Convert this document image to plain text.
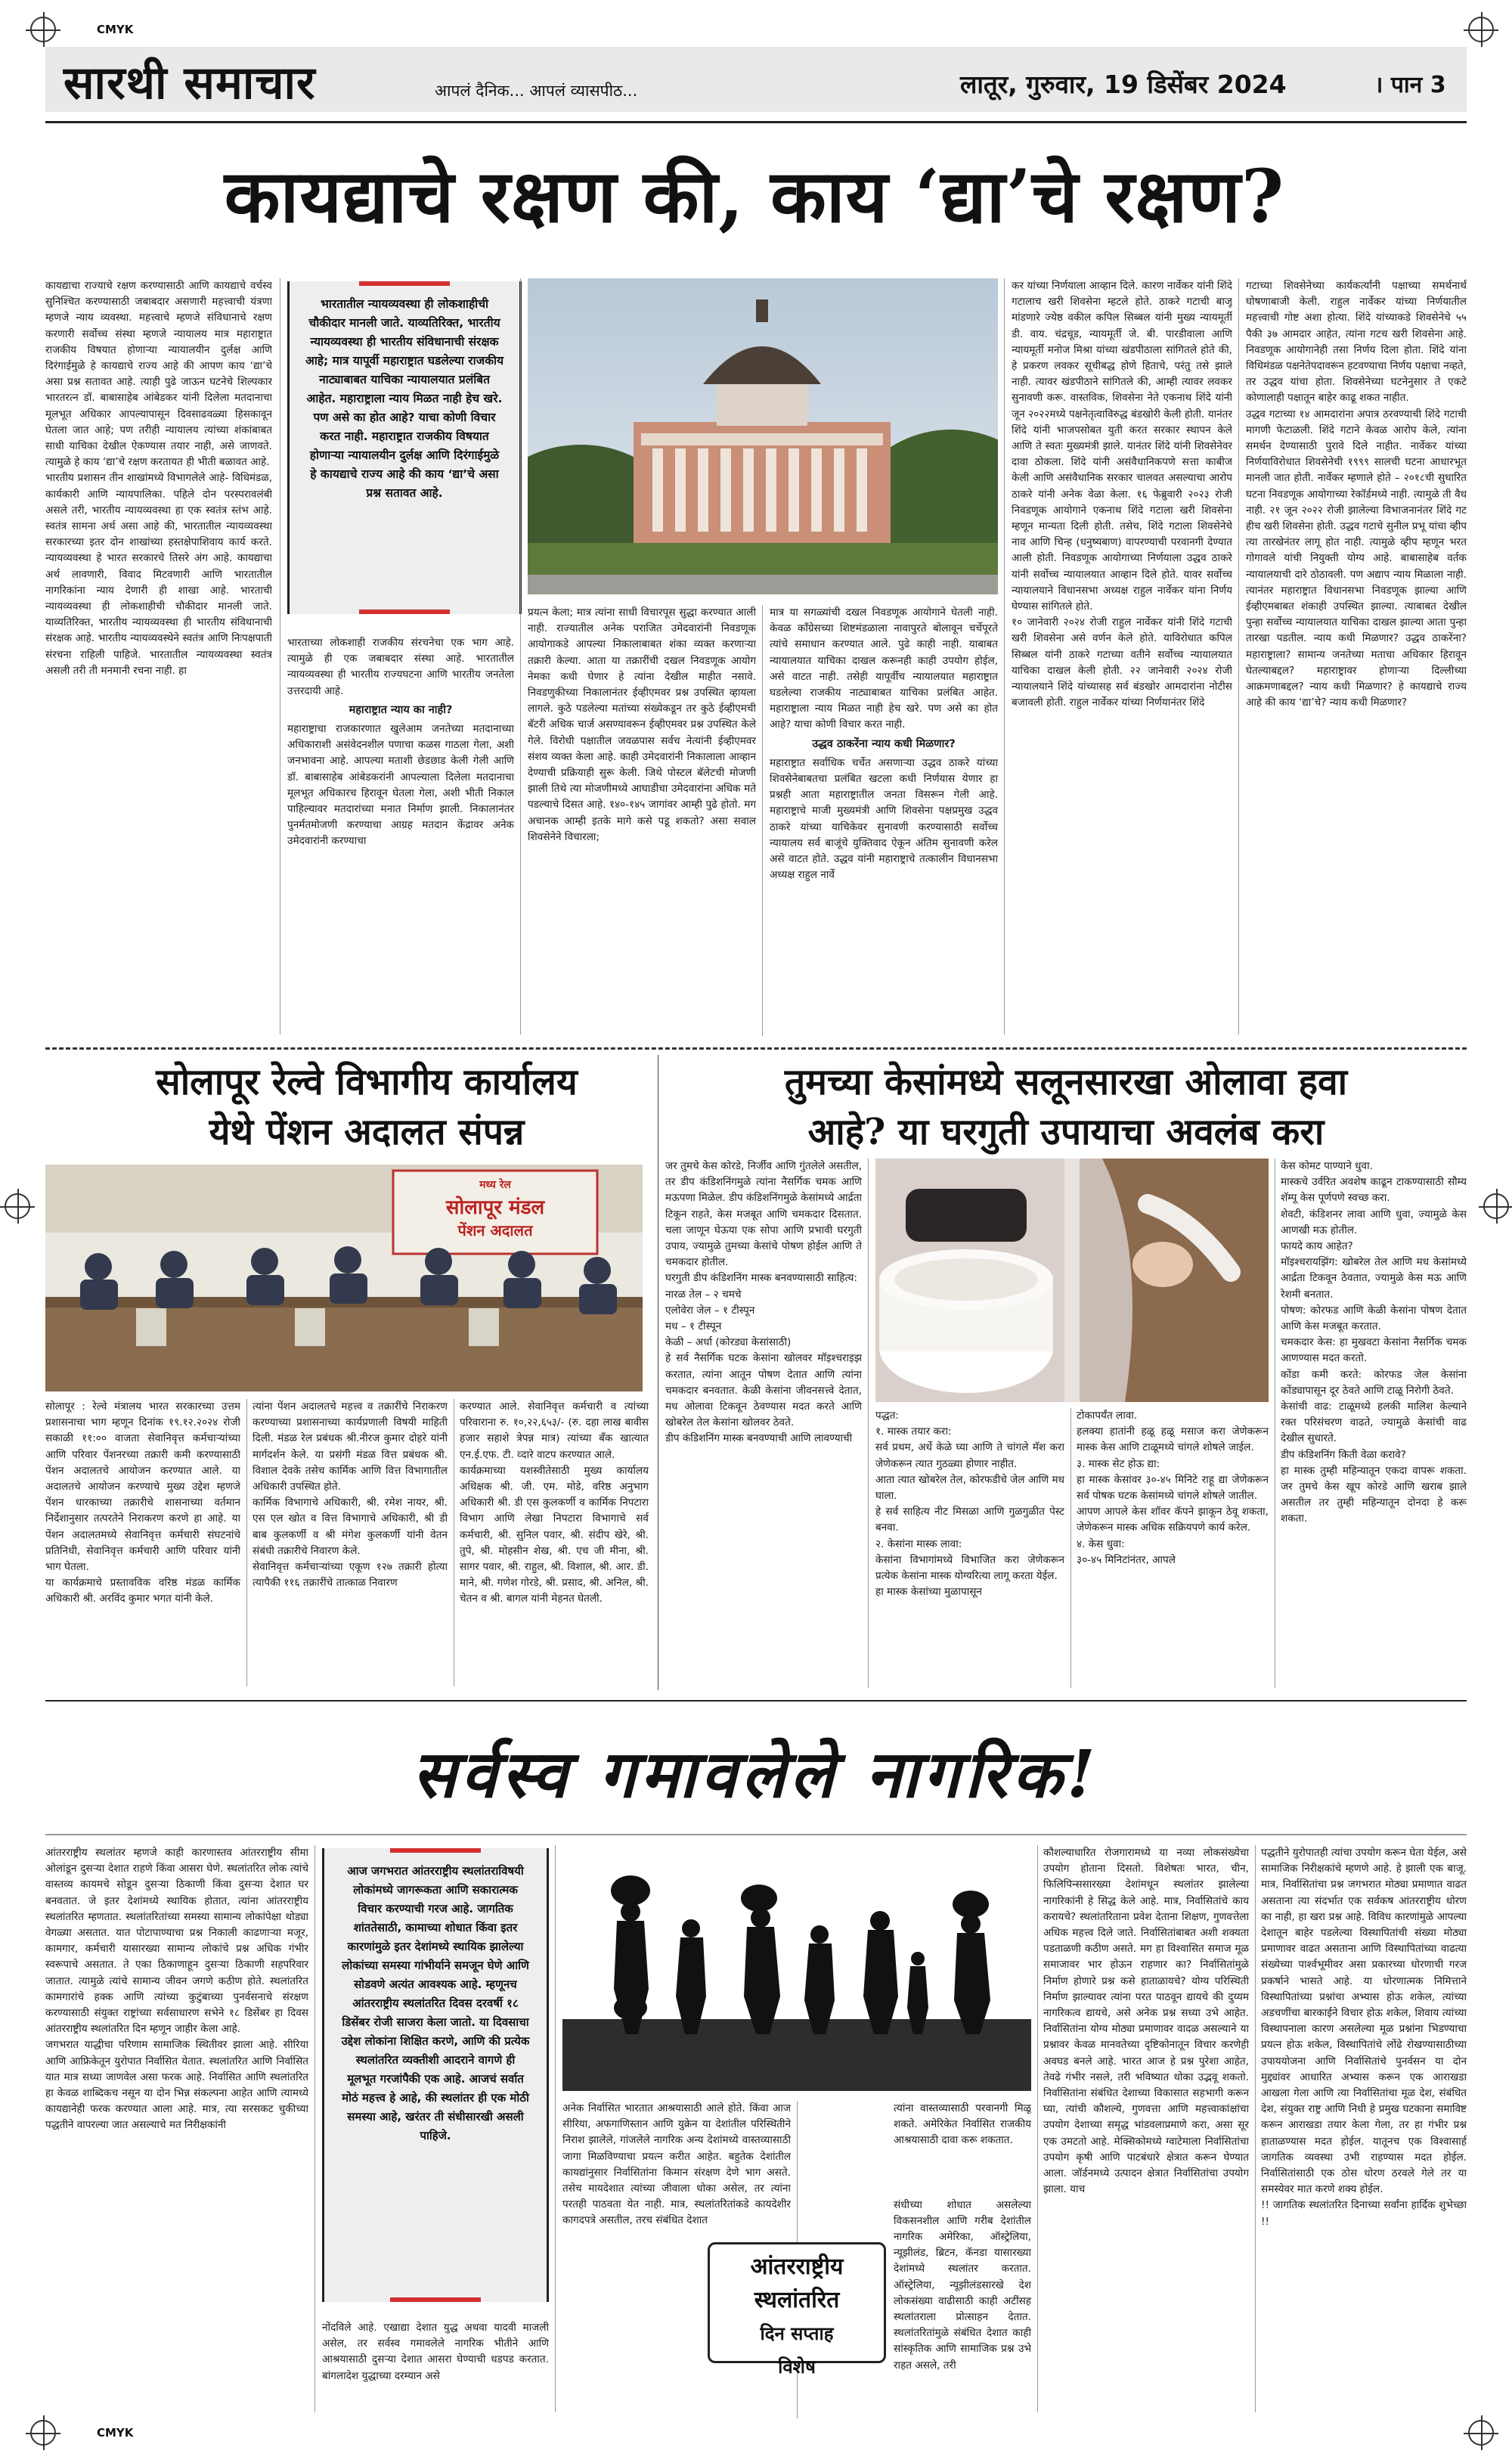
CMYK
CMYK
सारथी समाचार	आपलं दैनिक... आपलं व्यासपीठ...	लातूर, गुरुवार, 19 डिसेंबर 2024	। पान 3
कायद्याचे रक्षण की, काय ‘द्या’चे रक्षण?
कायद्याचा राज्याचे रक्षण करण्यासाठी आणि कायद्याचे वर्चस्व सुनिश्चित करण्यासाठी जबाबदार असणारी महत्त्वाची यंत्रणा म्हणजे न्याय व्यवस्था. महत्त्वाचे म्हणजे संविधानाचे रक्षण करणारी सर्वोच्च संस्था म्हणजे न्यायालय मात्र महाराष्ट्रात राजकीय विषयात होणाऱ्या न्यायालयीन दुर्लक्ष आणि दिरंगाईमुळे हे कायद्याचे राज्य आहे की आपण काय ‘द्या’चे असा प्रश्न सतावत आहे. त्याही पुढे जाऊन घटनेचे शिल्पकार भारतरत्न डॉ. बाबासाहेब आंबेडकर यांनी दिलेला मतदानाचा मूलभूत अधिकार आपल्यापासून दिवसाढवळ्या हिसकावून घेतला जात आहे; पण तरीही न्यायालय त्यांच्या शंकांबाबत साधी याचिका देखील ऐकण्यास तयार नाही, असे जाणवते. त्यामुळे हे काय ‘द्या’चे रक्षण करतायत ही भीती बळावत आहे.
भारतीय प्रशासन तीन शाखांमध्ये विभागलेले आहे- विधिमंडळ, कार्यकारी आणि न्यायपालिका. पहिले दोन परस्परावलंबी असले तरी, भारतीय न्यायव्यवस्था हा एक स्वतंत्र स्तंभ आहे. स्वतंत्र सामना अर्थ असा आहे की, भारतातील न्यायव्यवस्था सरकारच्या इतर दोन शाखांच्या हस्तक्षेपाशिवाय कार्य करते. न्यायव्यवस्था हे भारत सरकारचे तिसरे अंग आहे. कायद्याचा अर्थ लावणारी, विवाद मिटवणारी आणि भारतातील नागरिकांना न्याय देणारी ही शाखा आहे. भारताची न्यायव्यवस्था ही लोकशाहीची चौकीदार मानली जाते. याव्यतिरिक्त, भारतीय न्यायव्यवस्था ही भारतीय संविधानाची संरक्षक आहे. भारतीय न्यायव्यवस्थेने स्वतंत्र आणि निःपक्षपाती संरचना राहिली पाहिजे. भारतातील न्यायव्यवस्था स्वतंत्र असली तरी ती मनमानी रचना नाही. हा
भारतातील न्यायव्यवस्था ही लोकशाहीची चौकीदार मानली जाते. याव्यतिरिक्त, भारतीय न्यायव्यवस्था ही भारतीय संविधानाची संरक्षक आहे; मात्र यापूर्वी महाराष्ट्रात घडलेल्या राजकीय नाट्याबाबत याचिका न्यायालयात प्रलंबित आहेत. महाराष्ट्राला न्याय मिळत नाही हेच खरे. पण असे का होत आहे? याचा कोणी विचार करत नाही. महाराष्ट्रात राजकीय विषयात होणाऱ्या न्यायालयीन दुर्लक्ष आणि दिरंगाईमुळे हे कायद्याचे राज्य आहे की काय ‘द्या’चे असा प्रश्न सतावत आहे.

भारताच्या लोकशाही राजकीय संरचनेचा एक भाग आहे. त्यामुळे ही एक जबाबदार संस्था आहे. भारतातील न्यायव्यवस्था ही भारतीय राज्यघटना आणि भारतीय जनतेला उत्तरदायी आहे.

महाराष्ट्रात न्याय का नाही?

महाराष्ट्राचा राजकारणात खुलेआम जनतेच्या मतदानाच्या अधिकाराशी असंवेदनशील पणाचा कळस गाठला गेला, अशी जनभावना आहे. आपल्या मताशी छेडछाड केली गेली आणि डॉ. बाबासाहेब आंबेडकरांनी आपल्याला दिलेला मतदानाचा मूलभूत अधिकारच हिरावून घेतला गेला, अशी भीती निकाल पाहिल्यावर मतदारांच्या मनात निर्माण झाली. निकालानंतर पुनर्मतमोजणी करण्याचा आग्रह मतदान केंद्रावर अनेक उमेदवारांनी करण्याचा

प्रयत्न केला; मात्र त्यांना साधी विचारपूस सुद्धा करण्यात आली नाही. राज्यातील अनेक पराजित उमेदवारांनी निवडणूक आयोगाकडे आपल्या निकालाबाबत शंका व्यक्त करणाऱ्या तक्रारी केल्या. आता या तक्रारींची दखल निवडणूक आयोग नेमका कधी घेणार हे त्यांना देखील माहीत नसावे. निवडणुकीच्या निकालानंतर ईव्हीएमवर प्रश्न उपस्थित व्हायला लागले. कुठे पडलेल्या मतांच्या संख्येकडून तर कुठे ईव्हीएमची बॅटरी अधिक चार्ज असण्यावरून ईव्हीएमवर प्रश्न उपस्थित केले गेले. विरोधी पक्षातील जवळपास सर्वच नेत्यांनी ईव्हीएमवर संशय व्यक्त केला आहे. काही उमेदवारांनी निकालाला आव्हान देण्याची प्रक्रियाही सुरू केली. जिथे पोस्टल बॅलेटची मोजणी झाली तिथे त्या मोजणीमध्ये आघाडीचा उमेदवारांना अधिक मते पडल्याचे दिसत आहे. १४०-१४५ जागांवर आम्ही पुढे होतो. मग अचानक आम्ही इतके मागे कसे पडू शकतो? असा सवाल शिवसेनेने विचारला;

मात्र या सगळ्यांची दखल निवडणूक आयोगाने घेतली नाही. केवळ काँग्रेसच्या शिष्टमंडळाला नावापुरते बोलावून चर्चेपूरते त्यांचे समाधान करण्यात आले. पुढे काही नाही. याबाबत न्यायालयात याचिका दाखल करूनही काही उपयोग होईल, असे वाटत नाही. तसेही यापूर्वीच न्यायालयात महाराष्ट्रात घडलेल्या राजकीय नाट्याबाबत याचिका प्रलंबित आहेत. महाराष्ट्राला न्याय मिळत नाही हेच खरे. पण असे का होत आहे? याचा कोणी विचार करत नाही.

उद्धव ठाकरेंना न्याय कधी मिळणार?

महाराष्ट्रात सर्वाधिक चर्चेत असणाऱ्या उद्धव ठाकरे यांच्या शिवसेनेबाबतचा प्रलंबित खटला कधी निर्णयास येणार हा प्रश्नही आता महाराष्ट्रातील जनता विसरून गेली आहे. महाराष्ट्राचे माजी मुख्यमंत्री आणि शिवसेना पक्षप्रमुख उद्धव ठाकरे यांच्या याचिकेवर सुनावणी करण्यासाठी सर्वोच्च न्यायालय सर्व बाजूंचे युक्तिवाद ऐकून अंतिम सुनावणी करेल असे वाटत होते. उद्धव यांनी महाराष्ट्राचे तत्कालीन विधानसभा अध्यक्ष राहुल नार्वे

कर यांच्या निर्णयाला आव्हान दिले. कारण नार्वेकर यांनी शिंदे गटालाच खरी शिवसेना म्हटले होते. ठाकरे गटाची बाजू मांडणारे ज्येष्ठ वकील कपिल सिब्बल यांनी मुख्य न्यायमूर्ती डी. वाय. चंद्रचूड, न्यायमूर्ती जे. बी. पारडीवाला आणि न्यायमूर्ती मनोज मिश्रा यांच्या खंडपीठाला सांगितले होते की, हे प्रकरण लवकर सूचीबद्ध होणे हिताचे, परंतु तसे झाले नाही. त्यावर खंडपीठाने सांगितले की, आम्ही त्यावर लवकर सुनावणी करू. वास्तविक, शिवसेना नेते एकनाथ शिंदे यांनी जून २०२२मध्ये पक्षनेतृत्वाविरुद्ध बंडखोरी केली होती. यानंतर शिंदे यांनी भाजपसोबत युती करत सरकार स्थापन केले आणि ते स्वतः मुख्यमंत्री झाले. यानंतर शिंदे यांनी शिवसेनेवर दावा ठोकला. शिंदे यांनी असंवैधानिकपणे सत्ता काबीज केली आणि असंवैधानिक सरकार चालवत असल्याचा आरोप ठाकरे यांनी अनेक वेळा केला. १६ फेब्रुवारी २०२३ रोजी निवडणूक आयोगाने एकनाथ शिंदे गटाला खरी शिवसेना म्हणून मान्यता दिली होती. तसेच, शिंदे गटाला शिवसेनेचे नाव आणि चिन्ह (धनुष्यबाण) वापरण्याची परवानगी देण्यात आली होती. निवडणूक आयोगाच्या निर्णयाला उद्धव ठाकरे यांनी सर्वोच्च न्यायालयात आव्हान दिले होते. यावर सर्वोच्च न्यायालयाने विधानसभा अध्यक्ष राहुल नार्वेकर यांना निर्णय घेण्यास सांगितले होते.
१० जानेवारी २०२४ रोजी राहुल नार्वेकर यांनी शिंदे गटाची खरी शिवसेना असे वर्णन केले होते. याविरोधात कपिल सिब्बल यांनी ठाकरे गटाच्या वतीने सर्वोच्च न्यायालयात याचिका दाखल केली होती. २२ जानेवारी २०२४ रोजी न्यायालयाने शिंदे यांच्यासह सर्व बंडखोर आमदारांना नोटीस बजावली होती. राहुल नार्वेकर यांच्या निर्णयानंतर शिंदे
गटाच्या शिवसेनेच्या कार्यकर्त्यांनी पक्षाच्या समर्थनार्थ घोषणाबाजी केली. राहुल नार्वेकर यांच्या निर्णयातील महत्त्वाची गोष्ट अशा होत्या. शिंदे यांच्याकडे शिवसेनेचे ५५ पैकी ३७ आमदार आहेत, त्यांना गटच खरी शिवसेना आहे. निवडणूक आयोगानेही तसा निर्णय दिला होता. शिंदे यांना विधिमंडळ पक्षनेतेपदावरून हटवण्याचा निर्णय पक्षाचा नव्हते, तर उद्धव यांचा होता. शिवसेनेच्या घटनेनुसार ते एकटे कोणालाही पक्षातून बाहेर काढू शकत नाहीत.
उद्धव गटाच्या १४ आमदारांना अपात्र ठरवण्याची शिंदे गटाची मागणी फेटाळली. शिंदे गटाने केवळ आरोप केले, त्यांना समर्थन देण्यासाठी पुरावे दिले नाहीत. नार्वेकर यांच्या निर्णयाविरोधात शिवसेनेची १९९९ सालची घटना आधारभूत मानली जात होती. नार्वेकर म्हणाले होते – २०१८ची सुधारित घटना निवडणूक आयोगाच्या रेकॉर्डमध्ये नाही. त्यामुळे ती वैध नाही. २१ जून २०२२ रोजी झालेल्या विभाजनानंतर शिंदे गट हीच खरी शिवसेना होती. उद्धव गटाचे सुनील प्रभू यांचा व्हीप त्या तारखेनंतर लागू होत नाही. त्यामुळे व्हीप म्हणून भरत गोगावले यांची नियुक्ती योग्य आहे. बाबासाहेब वर्तक न्यायालयाची दारे ठोठावली. पण अद्याप न्याय मिळाला नाही. त्यानंतर महाराष्ट्रात विधानसभा निवडणूक झाल्या आणि ईव्हीएमबाबत शंकाही उपस्थित झाल्या. त्याबाबत देखील पुन्हा सर्वोच्च न्यायालयात याचिका दाखल झाल्या आता पुन्हा तारखा पडतील. न्याय कधी मिळणार? उद्धव ठाकरेंना? महाराष्ट्राला? सामान्य जनतेच्या मताचा अधिकार हिरावून घेतल्याबद्दल? महाराष्ट्रावर होणाऱ्या दिल्लीच्या आक्रमणाबद्दल? न्याय कधी मिळणार? हे कायद्याचे राज्य आहे की काय ‘द्या’चे? न्याय कधी मिळणार?
सोलापूर रेल्वे विभागीय कार्यालय
येथे पेंशन अदालत संपन्न
मध्य रेल
सोलापूर मंडल
पेंशन अदालत
सोलापूर : रेल्वे मंत्रालय भारत सरकारच्या उत्तम प्रशासनाचा भाग म्हणून दिनांक १९.१२.२०२४ रोजी सकाळी ११:०० वाजता सेवानिवृत्त कर्मचाऱ्यांच्या आणि परिवार पेंशनरच्या तक्रारी कमी करण्यासाठी पेंशन अदालतचे आयोजन करण्यात आले. या अदालतचे आयोजन करण्याचे मुख्य उद्देश म्हणजे पेंशन धारकाच्या तक्रारीचे शासनाच्या वर्तमान निर्देशानुसार तत्परतेने निराकरण करणे हा आहे. या पेंशन अदालतमध्ये सेवानिवृत्त कर्मचारी संघटनांचे प्रतिनिधी, सेवानिवृत्त कर्मचारी आणि परिवार यांनी भाग घेतला.
या कार्यक्रमाचे प्रस्तावविक वरिष्ठ मंडळ कार्मिक अधिकारी श्री. अरविंद कुमार भगत यांनी केले.
त्यांना पेंशन अदालतचे महत्त्व व तक्रारींचे निराकरण करण्याच्या प्रशासनाच्या कार्यप्रणाली विषयी माहिती दिली. मंडळ रेल प्रबंधक श्री.नीरज कुमार दोहरे यांनी मार्गदर्शन केले. या प्रसंगी मंडळ वित्त प्रबंधक श्री. विशाल देवके तसेच कार्मिक आणि वित्त विभागातील अधिकारी उपस्थित होते.
कार्मिक विभागाचे अधिकारी, श्री. रमेश नायर, श्री. एस एल खोत व वित्त विभागाचे अधिकारी, श्री डी बाब कुलकर्णी व श्री मंगेश कुलकर्णी यांनी वेतन संबंधी तक्रारीचे निवारण केले.
सेवानिवृत्त कर्मचाऱ्यांच्या एकूण १२७ तक्रारी होत्या त्यापैकी ११६ तक्रारींचे तात्काळ निवारण
करण्यात आले. सेवानिवृत्त कर्मचारी व त्यांच्या परिवाराना रु. १०,२२,६५३/- (रु. दहा लाख बावीस हजार सहाशे त्रेपन्न मात्र) त्यांच्या बँक खात्यात एन.ई.एफ. टी. व्दारे वाटप करण्यात आले.
कार्यक्रमाच्या यशस्वीतेसाठी मुख्य कार्यालय अधिक्षक श्री. जी. एम. मोडे, वरिष्ठ अनुभाग अधिकारी श्री. डी एस कुलकर्णी व कार्मिक निपटारा विभाग आणि लेखा निपटारा विभागाचे सर्व कर्मचारी, श्री. सुनिल पवार, श्री. संदीप खेरे, श्री. तुपे, श्री. मोहसीन शेख, श्री. एच जी मीना, श्री. सागर पवार, श्री. राहुल, श्री. विशाल, श्री. आर. डी. माने, श्री. गणेश गोरडे, श्री. प्रसाद, श्री. अनिल, श्री. चेतन व श्री. बागल यांनी मेहनत घेतली.
तुमच्या केसांमध्ये सलूनसारखा ओलावा हवा
आहे? या घरगुती उपायाचा अवलंब करा
जर तुमचे केस कोरडे, निर्जीव आणि गुंतलेले असतील, तर डीप कंडिशनिंगमुळे त्यांना नैसर्गिक चमक आणि मऊपणा मिळेल. डीप कंडिशनिंगमुळे केसांमध्ये आर्द्रता टिकून राहते, केस मजबूत आणि चमकदार दिसतात. चला जाणून घेऊया एक सोपा आणि प्रभावी घरगुती उपाय, ज्यामुळे तुमच्या केसांचे पोषण होईल आणि ते चमकदार होतील.
घरगुती डीप कंडिशनिंग मास्क बनवण्यासाठी साहित्य:
नारळ तेल – २ चमचे
एलोवेरा जेल – १ टीस्पून
मध – १ टीस्पून
केळी – अर्धा (कोरड्या केसांसाठी)
हे सर्व नैसर्गिक घटक केसांना खोलवर मॉइश्चराइझ करतात, त्यांना आतून पोषण देतात आणि त्यांना चमकदार बनवतात. केळी केसांना जीवनसत्त्वे देतात, मध ओलावा टिकवून ठेवण्यास मदत करते आणि खोबरेल तेल केसांना खोलवर ठेवते.
डीप कंडिशनिंग मास्क बनवण्याची आणि लावण्याची
पद्धत:
१. मास्क तयार करा:
सर्व प्रथम, अर्धे केळे घ्या आणि ते चांगले मॅश करा जेणेकरून त्यात गुठळ्या होणार नाहीत.
आता त्यात खोबरेल तेल, कोरफडीचे जेल आणि मध घाला.
हे सर्व साहित्य नीट मिसळा आणि गुळगुळीत पेस्ट बनवा.
२. केसांना मास्क लावा:
केसांना विभागांमध्ये विभाजित करा जेणेकरून प्रत्येक केसांना मास्क योग्यरित्या लागू करता येईल.
हा मास्क केसांच्या मुळापासून
टोकापर्यंत लावा.
हलक्या हातांनी हळू हळू मसाज करा जेणेकरून मास्क केस आणि टाळूमध्ये चांगले शोषले जाईल.
३. मास्क सेट होऊ द्या:
हा मास्क केसांवर ३०-४५ मिनिटे राहू द्या जेणेकरून सर्व पोषक घटक केसांमध्ये चांगले शोषले जातील.
आपण आपले केस शॉवर कॅपने झाकून ठेवू शकता, जेणेकरून मास्क अधिक सक्रियपणे कार्य करेल.
४. केस धुवा:
३०-४५ मिनिटांनंतर, आपले
केस कोमट पाण्याने धुवा.
मास्कचे उर्वरित अवशेष काढून टाकण्यासाठी सौम्य शॅम्पू केस पूर्णपणे स्वच्छ करा.
शेवटी, कंडिशनर लावा आणि धुवा, ज्यामुळे केस आणखी मऊ होतील.
फायदे काय आहेत?
मॉइश्चरायझिंग: खोबरेल तेल आणि मध केसांमध्ये आर्द्रता टिकवून ठेवतात, ज्यामुळे केस मऊ आणि रेशमी बनतात.
पोषण: कोरफड आणि केळी केसांना पोषण देतात आणि केस मजबूत करतात.
चमकदार केस: हा मुखवटा केसांना नैसर्गिक चमक आणण्यास मदत करतो.
कोंडा कमी करते: कोरफड जेल केसांना कोंड्यापासून दूर ठेवते आणि टाळू निरोगी ठेवते.
केसांची वाढ: टाळूमध्ये हलकी मालिश केल्याने रक्त परिसंचरण वाढते, ज्यामुळे केसांची वाढ देखील सुधारते.
डीप कंडिशनिंग किती वेळा करावे?
हा मास्क तुम्ही महिन्यातून एकदा वापरू शकता. जर तुमचे केस खूप कोरडे आणि खराब झाले असतील तर तुम्ही महिन्यातून दोनदा हे करू शकता.
सर्वस्व गमावलेले नागरिक!
आंतरराष्ट्रीय स्थलांतर म्हणजे काही कारणास्तव आंतरराष्ट्रीय सीमा ओलांडून दुसऱ्या देशात राहणे किंवा आसरा घेणे. स्थलांतरित लोक त्यांचे वास्तव्य कायमचे सोडून दुसऱ्या ठिकाणी किंवा दुसऱ्या देशात घर बनवतात. जे इतर देशांमध्ये स्थायिक होतात, त्यांना आंतरराष्ट्रीय स्थलांतरित म्हणतात. स्थलांतरितांच्या समस्या सामान्य लोकांपेक्षा थोड्या वेगळ्या असतात. यात पोटापाण्याचा प्रश्न निकाली काढणाऱ्या मजूर, कामगार, कर्मचारी यासारख्या सामान्य लोकांचे प्रश्न अधिक गंभीर स्वरूपाचे असतात. ते एका ठिकाणाहून दुसऱ्या ठिकाणी सहपरिवार जातात. त्यामुळे त्यांचे सामान्य जीवन जगणे कठीण होते. स्थलांतरित कामगारांचे हक्क आणि त्यांच्या कुटुंबाच्या पुनर्वसनाचे संरक्षण करण्यासाठी संयुक्त राष्ट्रांच्या सर्वसाधारण सभेने १८ डिसेंबर हा दिवस आंतरराष्ट्रीय स्थलांतरित दिन म्हणून जाहीर केला आहे.
जगभरात याद्धीचा परिणाम सामाजिक स्थितीवर झाला आहे. सीरिया आणि आफ्रिकेतून युरोपात निर्वासित येतात. स्थलांतरित आणि निर्वासित यात मात्र सध्या जाणवेल असा फरक आहे. निर्वासित आणि स्थलांतरित हा केवळ शाब्दिकच नसून या दोन भिन्न संकल्पना आहेत आणि त्यामध्ये कायद्यानेही फरक करण्यात आला आहे. मात्र, त्या सरसकट चुकीच्या पद्धतीने वापरल्या जात असल्याचे मत निरीक्षकांनी
आज जगभरात आंतरराष्ट्रीय स्थलांतराविषयी लोकांमध्ये जागरूकता आणि सकारात्मक विचार करण्याची गरज आहे. जागतिक शांततेसाठी, कामाच्या शोधात किंवा इतर कारणांमुळे इतर देशांमध्ये स्थायिक झालेल्या लोकांच्या समस्या गांभीर्याने समजून घेणे आणि सोडवणे अत्यंत आवश्यक आहे. म्हणूनच आंतरराष्ट्रीय स्थलांतरित दिवस दरवर्षी १८ डिसेंबर रोजी साजरा केला जातो. या दिवसाचा उद्देश लोकांना शिक्षित करणे, आणि की प्रत्येक स्थलांतरित व्यक्तीशी आदराने वागणे ही मूलभूत गरजांपैकी एक आहे. आजचं सर्वात मोठं महत्त्व हे आहे, की स्थलांतर ही एक मोठी समस्या आहे, खरंतर ती संधीसारखी असली पाहिजे.
नोंदविले आहे. एखाद्या देशात युद्ध अथवा यादवी माजली असेल, तर सर्वस्व गमावलेले नागरिक भीतीने आणि आश्रयासाठी दुसऱ्या देशात आसरा घेण्याची धडपड करतात. बांगलादेश युद्धाच्या दरम्यान असे
अनेक निर्वासित भारतात आश्रयासाठी आले होते. किंवा आज सीरिया, अफगाणिस्तान आणि युक्रेन या देशांतील परिस्थितीने निराश झालेले, गांजलेले नागरिक अन्य देशांमध्ये वास्तव्यासाठी जागा मिळविण्याचा प्रयत्न करीत आहेत. बहुतेक देशांतील कायद्यांनुसार निर्वासितांना किमान संरक्षण देणे भाग असते. तसेच मायदेशात त्यांच्या जीवाला धोका असेल, तर त्यांना परतही पाठवता येत नाही. मात्र, स्थलांतरितांकडे कायदेशीर कागदपत्रे असतील, तरच संबंधित देशात

त्यांना वास्तव्यासाठी परवानगी मिळू शकते. अमेरिकेत निर्वासित राजकीय आश्रयासाठी दावा करू शकतात.

संधीच्या शोधात असलेल्या विकसनशील आणि गरीब देशांतील नागरिक अमेरिका, ऑस्ट्रेलिया, न्यूझीलंड, ब्रिटन, कॅनडा यासारख्या देशांमध्ये स्थलांतर करतात. ऑस्ट्रेलिया, न्यूझीलंडसारखे देश लोकसंख्या वाढीसाठी काही अटींसह स्थलांतराला प्रोत्साहन देतात. स्थलांतरितांमुळे संबंधित देशात काही सांस्कृतिक आणि सामाजिक प्रश्न उभे राहत असले, तरी

आंतरराष्ट्रीय
स्थलांतरित
दिन सप्ताह
विशेष
कौशल्याधारित रोजगारामध्ये या नव्या लोकसंख्येचा उपयोग होताना दिसतो. विशेषतः भारत, चीन, फिलिपिन्ससारख्या देशांमधून स्थलांतर झालेल्या नागरिकांनी हे सिद्ध केले आहे. मात्र, निर्वासितांचे काय करायचे? स्थलांतरिताना प्रवेश देताना शिक्षण, गुणवत्तेला अधिक महत्त्व दिले जाते. निर्वासितांबाबत अशी शक्यता पडताळणी कठीण असते. मग हा विश्वासित समाज मूळ समाजावर भार होऊन राहणार का? निर्वासितांमुळे निर्माण होणारे प्रश्न कसे हाताळायचे? योग्य परिस्थिती निर्माण झाल्यावर त्यांना परत पाठवून द्यायचे की दुय्यम नागरिकत्व द्यायचे, असे अनेक प्रश्न सध्या उभे आहेत. निर्वासितांना योग्य मोठ्या प्रमाणावर वादळ असल्याने या प्रश्नावर केवळ मानवतेच्या दृष्टिकोनातून विचार करणेही अवघड बनले आहे. भारत आज हे प्रश्न पुरेशा आहेत, तेवढे गंभीर नसले, तरी भविष्यात धोका उद्भवू शकतो. निर्वासितांना संबंधित देशाच्या विकासात सहभागी करून घ्या, त्यांची कौशल्ये, गुणवत्ता आणि महत्त्वाकांक्षांचा उपयोग देशाच्या समृद्ध भांडवलाप्रमाणे करा, असा सूर एक उमटतो आहे. मेक्सिकोमध्ये ग्वाटेमाला निर्वासितांचा उपयोग कृषी आणि पाटबंधारे क्षेत्रात करून घेण्यात आला. जॉर्डनमध्ये उत्पादन क्षेत्रात निर्वासितांचा उपयोग झाला. याच
पद्धतीने युरोपातही त्यांचा उपयोग करून घेता येईल, असे सामाजिक निरीक्षकांचे म्हणणे आहे. हे झाली एक बाजू. मात्र, निर्वासितांचा प्रश्न जगभरात मोठ्या प्रमाणात वाढत असताना त्या संदर्भात एक सर्वकष आंतरराष्ट्रीय धोरण का नाही, हा खरा प्रश्न आहे. विविध कारणांमुळे आपल्या देशातून बाहेर पडलेल्या विस्थापितांची संख्या मोठ्या प्रमाणावर वाढत असताना आणि विस्थापितांच्या वाढत्या संख्येच्या पार्श्वभूमीवर असा प्रकारच्या धोरणाची गरज प्रकर्षाने भासते आहे. या धोरणात्मक निमित्ताने विस्थापितांच्या प्रश्नांचा अभ्यास होऊ शकेल, त्यांच्या अडचणींचा बारकाईने विचार होऊ शकेल, शिवाय त्यांच्या विस्थापनाला कारण असलेल्या मूळ प्रश्नांना भिडण्याचा प्रयत्न होऊ शकेल, विस्थापितांचे लोंढे रोखण्यासाठीच्या उपाययोजना आणि निर्वासितांचे पुनर्वसन या दोन मुद्द्यांवर आधारित अभ्यास करून एक आराखडा आखला गेला आणि त्या निर्वासितांचा मूळ देश, संबंधित देश, संयुक्त राष्ट्र आणि निधी हे प्रमुख घटकाना समाविष्ट करून आराखडा तयार केला गेला, तर हा गंभीर प्रश्न हाताळण्यास मदत होईल. यातूनच एक विश्वासार्ह जागतिक व्यवस्था उभी राहण्यास मदत होईल. निर्वासितांसाठी एक ठोस धोरण ठरवले गेले तर या समस्येवर मात करणे शक्य होईल.
!! जागतिक स्थलांतरित दिनाच्या सर्वांना हार्दिक शुभेच्छा !!
